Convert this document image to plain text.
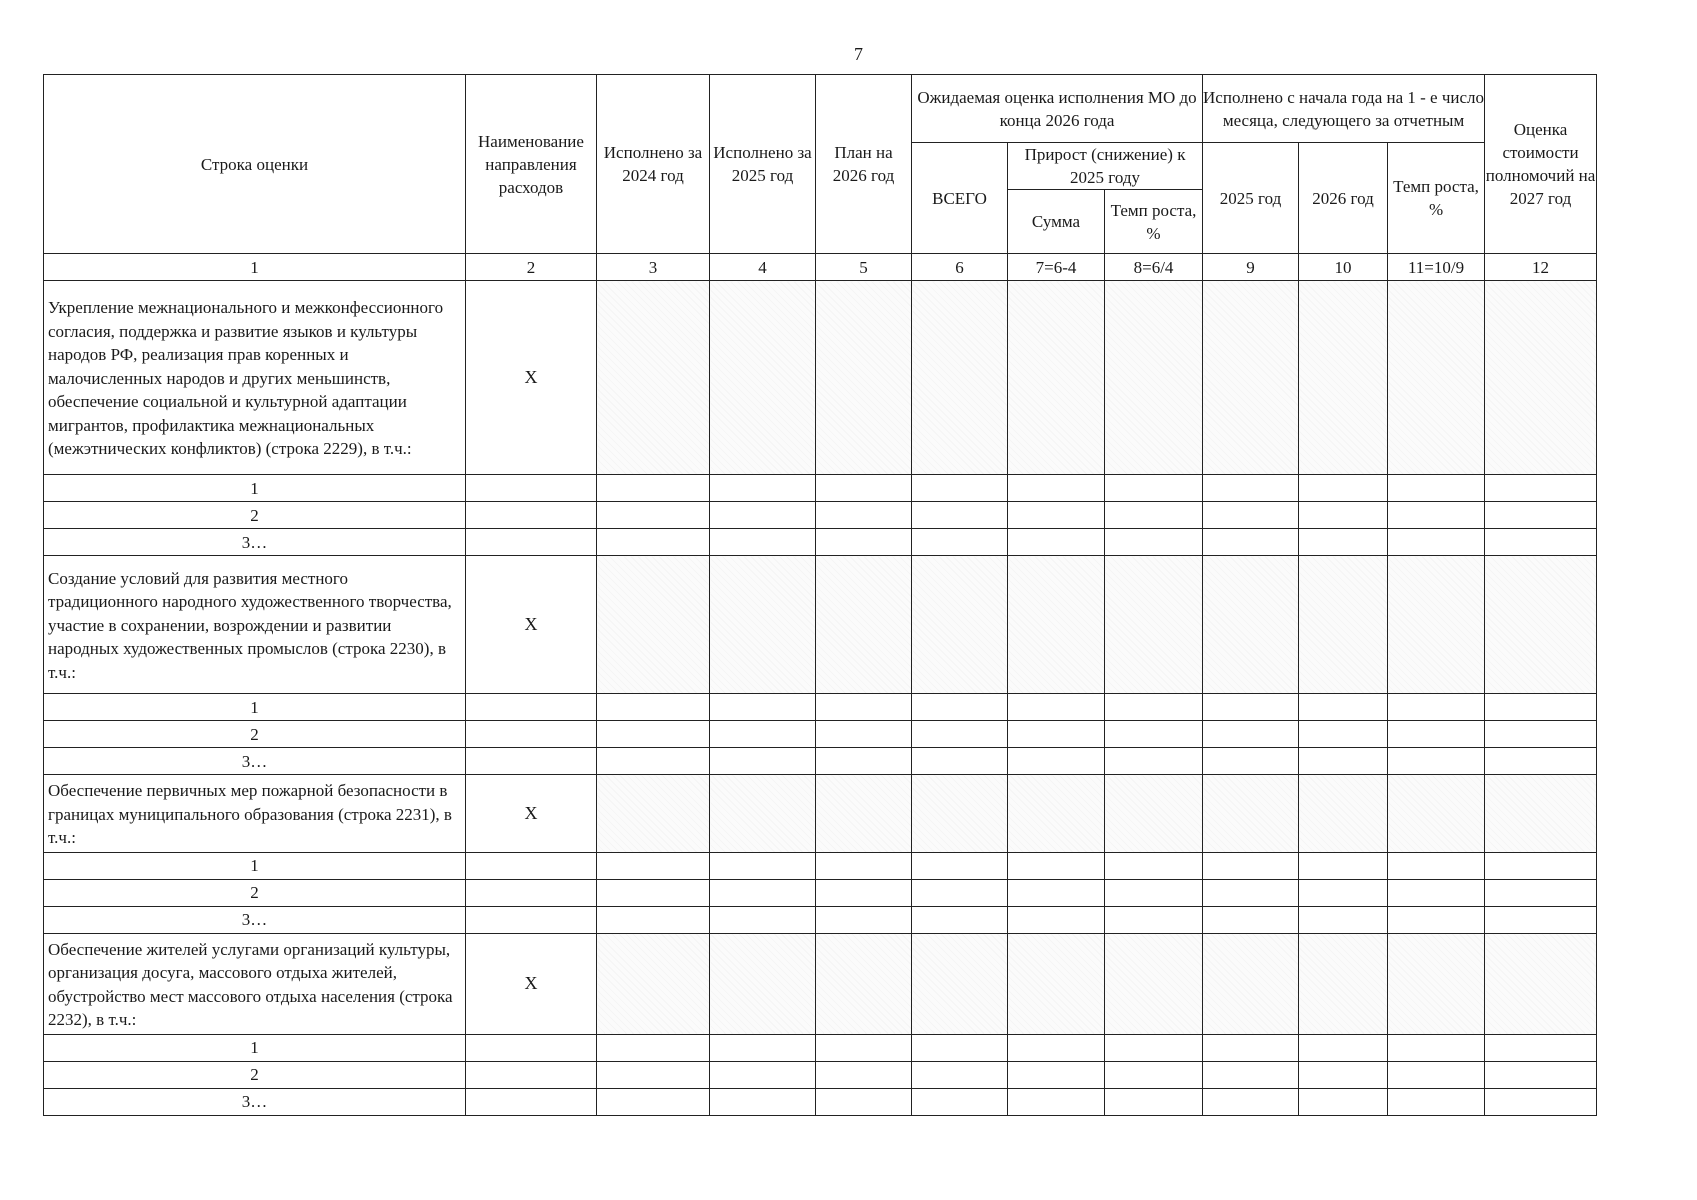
7
Строка оценки	Наименование направления расходов	Исполнено за 2024 год	Исполнено за 2025 год	План на 2026 год	Ожидаемая оценка исполнения МО до конца 2026 года			Исполнено с начала года на 1 - е число месяца, следующего за отчетным			Оценка стоимости полномочий на 2027 год
					ВСЕГО	Прирост (снижение) к 2025 году		2025 год	2026 год	Темп роста, %	
						Сумма	Темп роста, %				
1	2	3	4	5	6	7=6-4	8=6/4	9	10	11=10/9	12
Укрепление межнационального и межконфессионного согласия, поддержка и развитие языков и культуры народов РФ, реализация прав коренных и малочисленных народов и других меньшинств, обеспечение социальной и культурной адаптации мигрантов, профилактика межнациональных (межэтнических конфликтов) (строка 2229), в т.ч.:	X										
1											
2											
3…											
Создание условий для развития местного традиционного народного художественного творчества, участие в сохранении, возрождении и развитии народных художественных промыслов (строка 2230), в т.ч.:	X										
1											
2											
3…											
Обеспечение первичных мер пожарной безопасности в границах муниципального образования (строка 2231), в т.ч.:	X										
1											
2											
3…											
Обеспечение жителей услугами организаций культуры, организация досуга, массового отдыха жителей, обустройство мест массового отдыха населения (строка 2232), в т.ч.:	X										
1											
2											
3…											
